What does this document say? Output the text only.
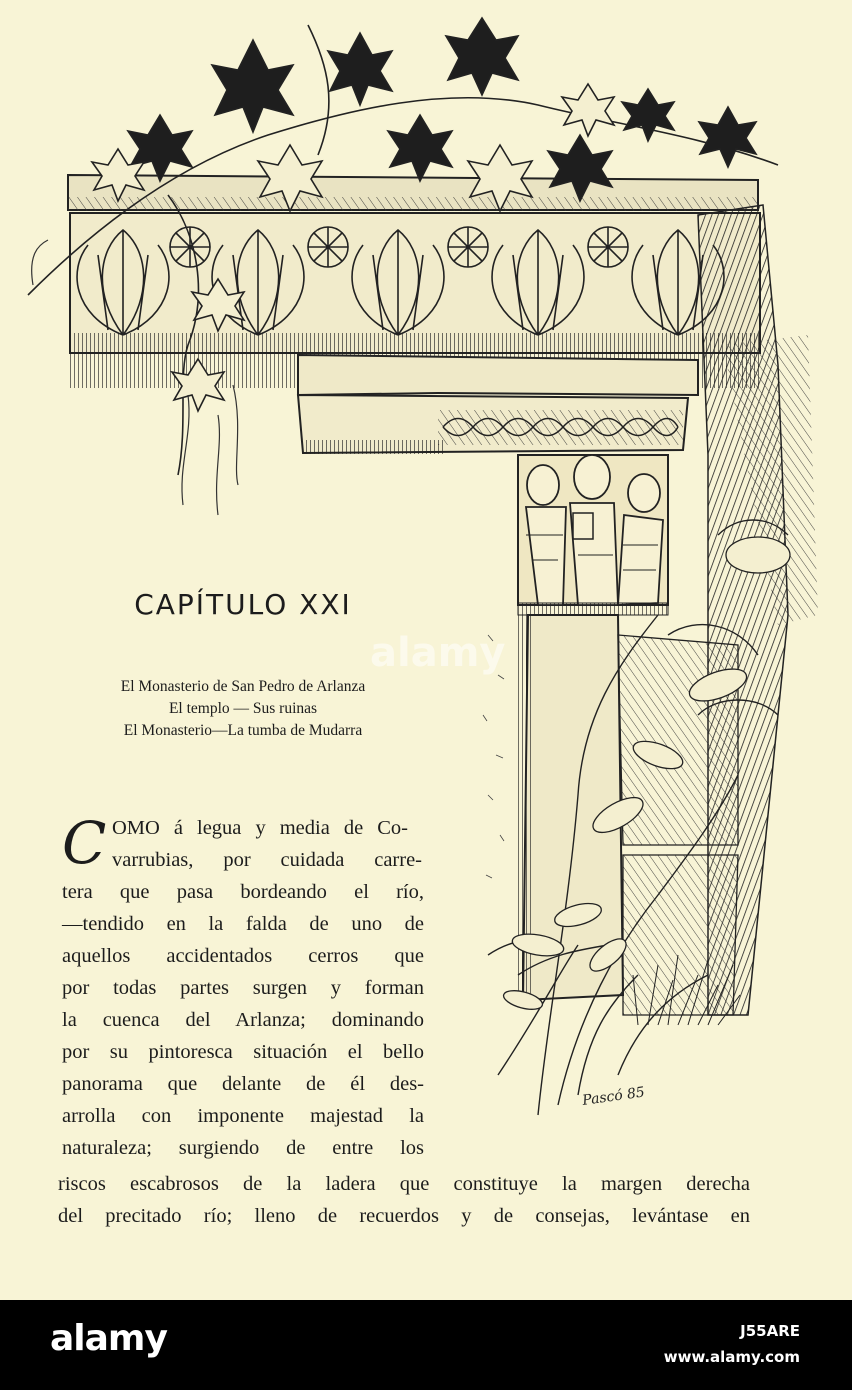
Pascó 85
CAPÍTULO XXI
El Monasterio de San Pedro de Arlanza
El templo — Sus ruinas
El Monasterio—La tumba de Mudarra
C OMO á legua y media de Co-
varrubias, por cuidada carre-
tera que pasa bordeando el río,
—tendido en la falda de uno de
aquellos accidentados cerros que
por todas partes surgen y forman
la cuenca del Arlanza; dominando
por su pintoresca situación el bello
panorama que delante de él des-
arrolla con imponente majestad la
naturaleza; surgiendo de entre los
riscos escabrosos de la ladera que constituye la margen derecha
del precitado río; lleno de recuerdos y de consejas, levántase en
alamy
alamy	J55ARE
www.alamy.com
